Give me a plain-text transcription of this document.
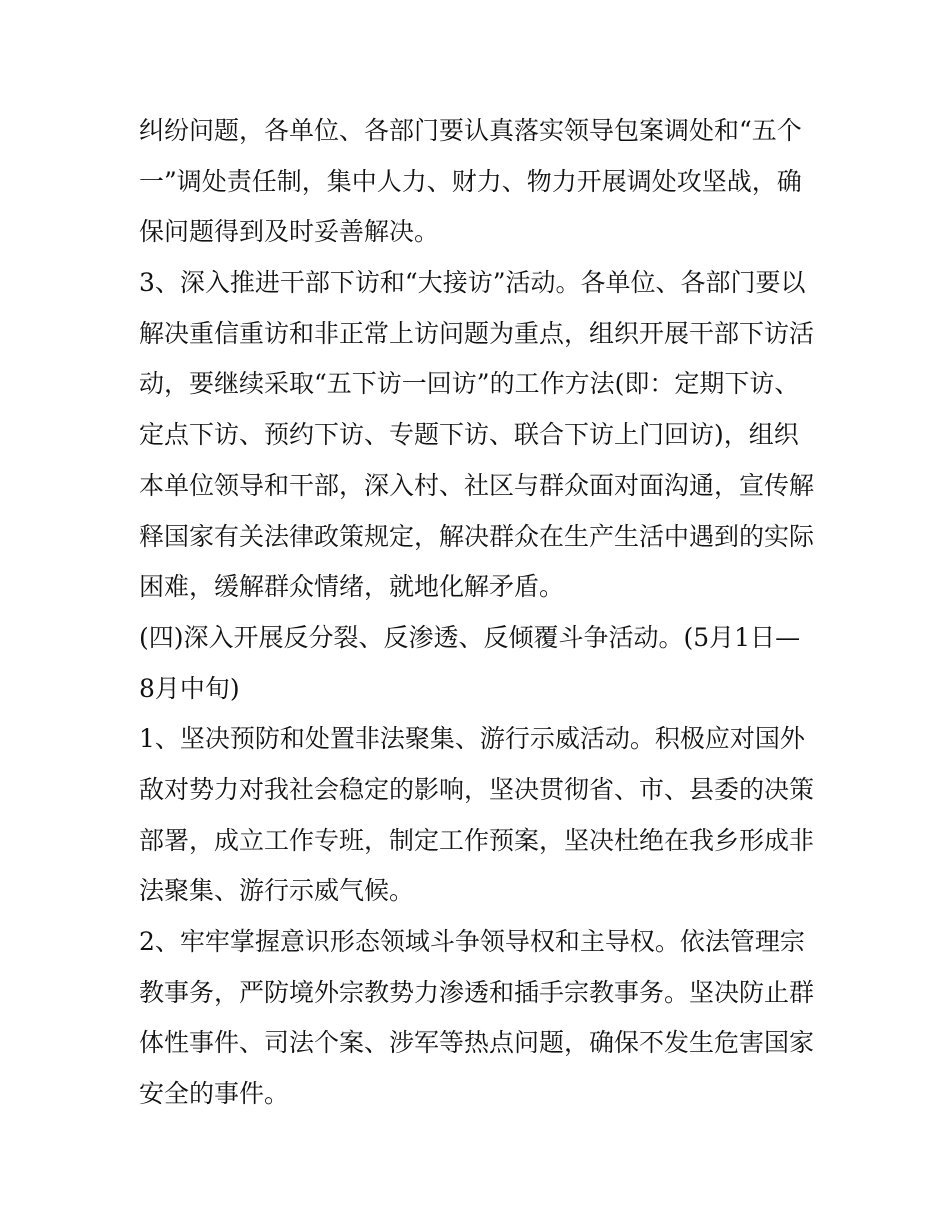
纠纷问题，各单位、各部门要认真落实领导包案调处和“五个
一”调处责任制，集中人力、财力、物力开展调处攻坚战，确
保问题得到及时妥善解决。
3、深入推进干部下访和“大接访”活动。各单位、各部门要以
解决重信重访和非正常上访问题为重点，组织开展干部下访活
动，要继续采取“五下访一回访”的工作方法(即：定期下访、
定点下访、预约下访、专题下访、联合下访上门回访)，组织
本单位领导和干部，深入村、社区与群众面对面沟通，宣传解
释国家有关法律政策规定，解决群众在生产生活中遇到的实际
困难，缓解群众情绪，就地化解矛盾。
(四)深入开展反分裂、反渗透、反倾覆斗争活动。(5月1日—
8月中旬)
1、坚决预防和处置非法聚集、游行示威活动。积极应对国外
敌对势力对我社会稳定的影响，坚决贯彻省、市、县委的决策
部署，成立工作专班，制定工作预案，坚决杜绝在我乡形成非
法聚集、游行示威气候。
2、牢牢掌握意识形态领域斗争领导权和主导权。依法管理宗
教事务，严防境外宗教势力渗透和插手宗教事务。坚决防止群
体性事件、司法个案、涉军等热点问题，确保不发生危害国家
安全的事件。
